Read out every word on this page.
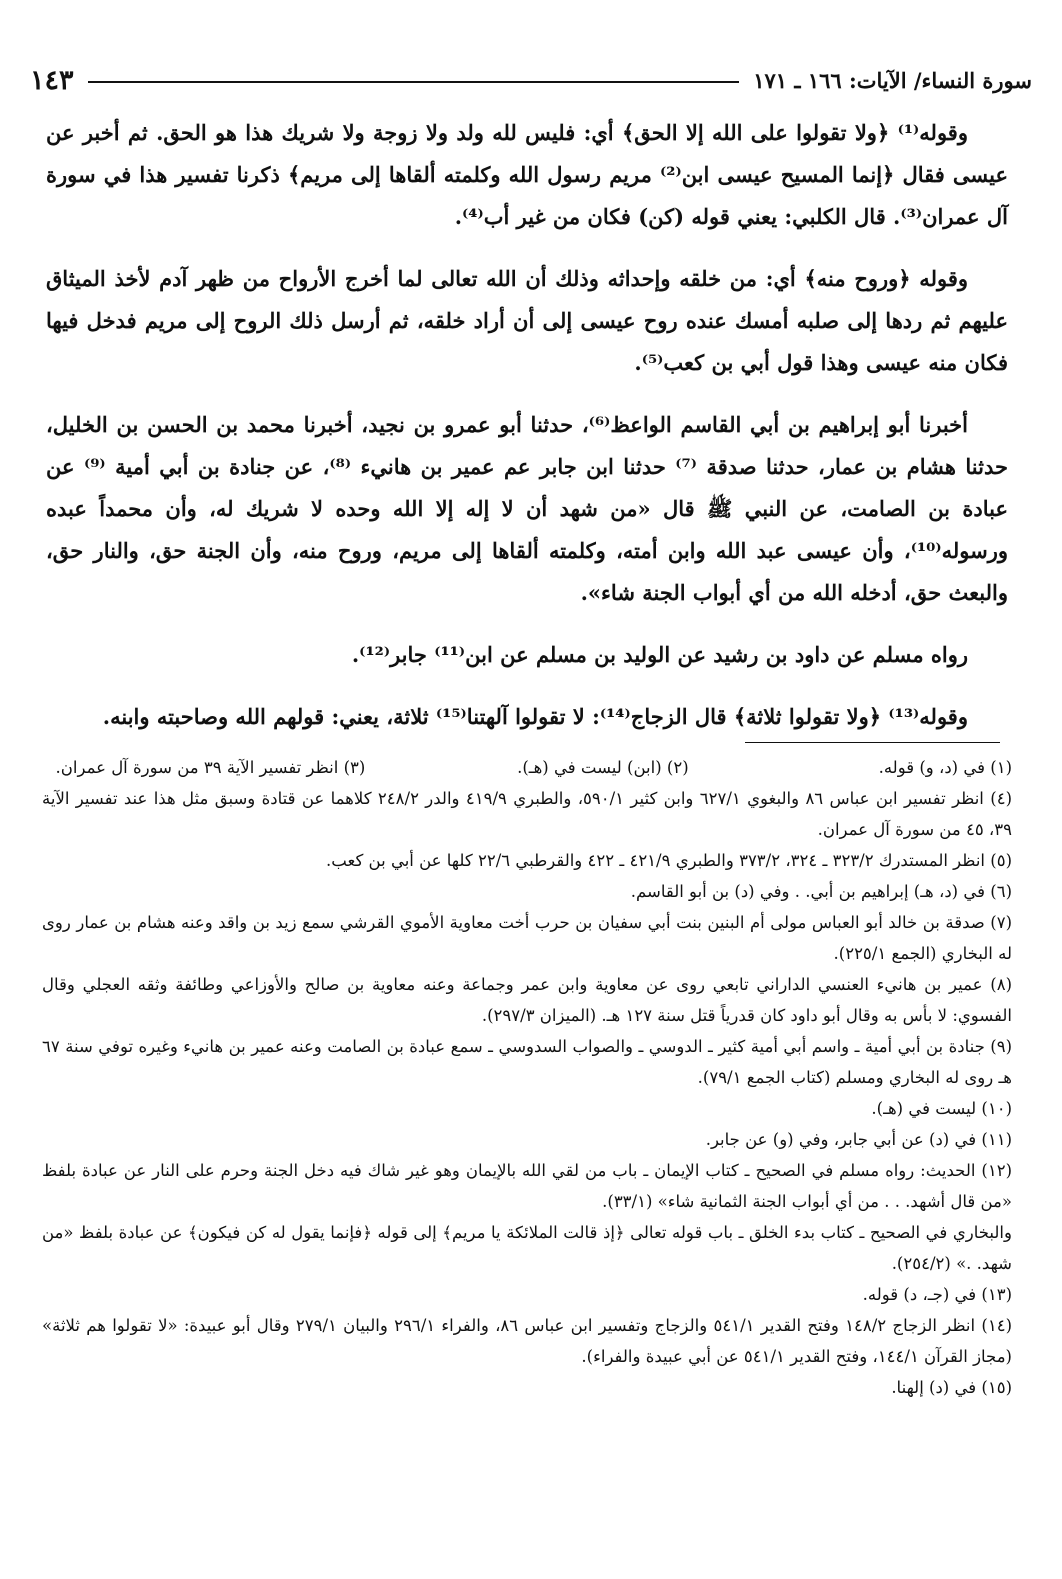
سورة النساء/ الآيات: ١٦٦ ـ ١٧١
١٤٣

وقوله⁽¹⁾ ﴿ولا تقولوا على الله إلا الحق﴾ أي: فليس لله ولد ولا زوجة ولا شريك هذا هو الحق. ثم أخبر عن عيسى فقال ﴿إنما المسيح عيسى ابن⁽²⁾ مريم رسول الله وكلمته ألقاها إلى مريم﴾ ذكرنا تفسير هذا في سورة آل عمران⁽³⁾. قال الكلبي: يعني قوله (كن) فكان من غير أب⁽⁴⁾.

وقوله ﴿وروح منه﴾ أي: من خلقه وإحداثه وذلك أن الله تعالى لما أخرج الأرواح من ظهر آدم لأخذ الميثاق عليهم ثم ردها إلى صلبه أمسك عنده روح عيسى إلى أن أراد خلقه، ثم أرسل ذلك الروح إلى مريم فدخل فيها فكان منه عيسى وهذا قول أبي بن كعب⁽⁵⁾.

أخبرنا أبو إبراهيم بن أبي القاسم الواعظ⁽⁶⁾، حدثنا أبو عمرو بن نجيد، أخبرنا محمد بن الحسن بن الخليل، حدثنا هشام بن عمار، حدثنا صدقة ⁽⁷⁾ حدثنا ابن جابر عم عمير بن هانيء ⁽⁸⁾، عن جنادة بن أبي أمية ⁽⁹⁾ عن عبادة بن الصامت، عن النبي ﷺ قال «من شهد أن لا إله إلا الله وحده لا شريك له، وأن محمداً عبده ورسوله⁽¹⁰⁾، وأن عيسى عبد الله وابن أمته، وكلمته ألقاها إلى مريم، وروح منه، وأن الجنة حق، والنار حق، والبعث حق، أدخله الله من أي أبواب الجنة شاء».

رواه مسلم عن داود بن رشيد عن الوليد بن مسلم عن ابن⁽¹¹⁾ جابر⁽¹²⁾.

وقوله⁽¹³⁾ ﴿ولا تقولوا ثلاثة﴾ قال الزجاج⁽¹⁴⁾: لا تقولوا آلهتنا⁽¹⁵⁾ ثلاثة، يعني: قولهم الله وصاحبته وابنه.

(١) في (د، و) قوله.
(٢) (ابن) ليست في (هـ).
(٣) انظر تفسير الآية ٣٩ من سورة آل عمران.

(٤) انظر تفسير ابن عباس ٨٦ والبغوي ٦٢٧/١ وابن كثير ٥٩٠/١، والطبري ٤١٩/٩ والدر ٢٤٨/٢ كلاهما عن قتادة وسبق مثل هذا عند تفسير الآية ٣٩، ٤٥ من سورة آل عمران.

(٥) انظر المستدرك ٣٢٣/٢ ـ ٣٢٤، ٣٧٣/٢ والطبري ٤٢١/٩ ـ ٤٢٢ والقرطبي ٢٢/٦ كلها عن أبي بن كعب.

(٦) في (د، هـ) إبراهيم بن أبي. . وفي (د) بن أبو القاسم.

(٧) صدقة بن خالد أبو العباس مولى أم البنين بنت أبي سفيان بن حرب أخت معاوية الأموي القرشي سمع زيد بن واقد وعنه هشام بن عمار روى له البخاري (الجمع ٢٢٥/١).

(٨) عمير بن هانيء العنسي الداراني تابعي روى عن معاوية وابن عمر وجماعة وعنه معاوية بن صالح والأوزاعي وطائفة وثقه العجلي وقال الفسوي: لا بأس به وقال أبو داود كان قدرياً قتل سنة ١٢٧ هـ. (الميزان ٢٩٧/٣).

(٩) جنادة بن أبي أمية ـ واسم أبي أمية كثير ـ الدوسي ـ والصواب السدوسي ـ سمع عبادة بن الصامت وعنه عمير بن هانيء وغيره توفي سنة ٦٧ هـ روى له البخاري ومسلم (كتاب الجمع ٧٩/١).

(١٠) ليست في (هـ).

(١١) في (د) عن أبي جابر، وفي (و) عن جابر.

(١٢) الحديث: رواه مسلم في الصحيح ـ كتاب الإيمان ـ باب من لقي الله بالإيمان وهو غير شاك فيه دخل الجنة وحرم على النار عن عبادة بلفظ «من قال أشهد. . . من أي أبواب الجنة الثمانية شاء» (٣٣/١).

والبخاري في الصحيح ـ كتاب بدء الخلق ـ باب قوله تعالى ﴿إذ قالت الملائكة يا مريم﴾ إلى قوله ﴿فإنما يقول له كن فيكون﴾ عن عبادة بلفظ «من شهد. .» (٢٥٤/٢).

(١٣) في (جـ، د) قوله.

(١٤) انظر الزجاج ١٤٨/٢ وفتح القدير ٥٤١/١ والزجاج وتفسير ابن عباس ٨٦، والفراء ٢٩٦/١ والبيان ٢٧٩/١ وقال أبو عبيدة: «لا تقولوا هم ثلاثة» (مجاز القرآن ١٤٤/١، وفتح القدير ٥٤١/١ عن أبي عبيدة والفراء).

(١٥) في (د) إلهنا.
